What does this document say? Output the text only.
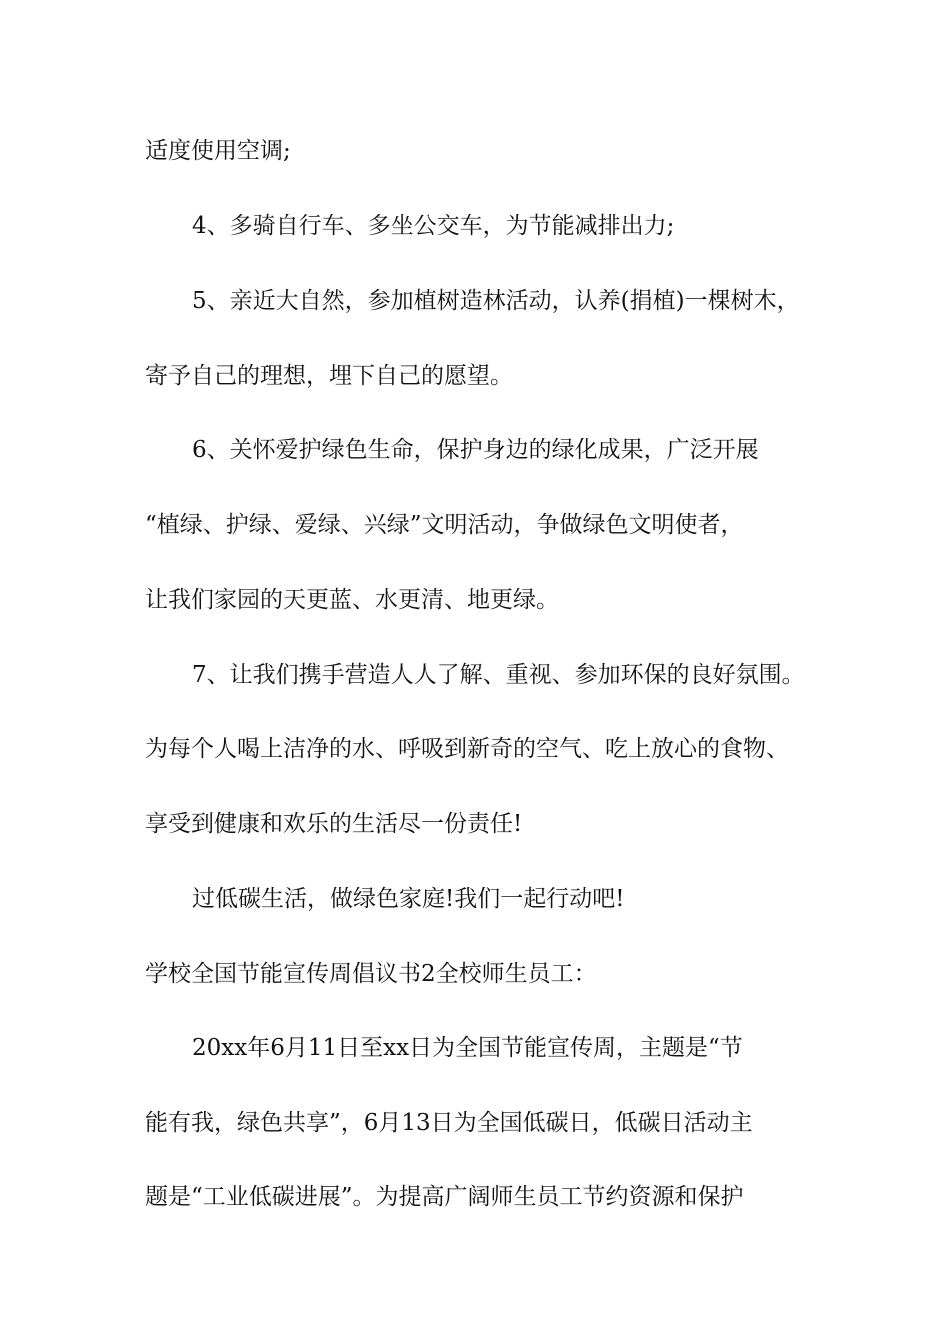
适度使用空调;
4、多骑自行车、多坐公交车，为节能减排出力;
5、亲近大自然，参加植树造林活动，认养(捐植)一棵树木，
寄予自己的理想，埋下自己的愿望。
6、关怀爱护绿色生命，保护身边的绿化成果，广泛开展
“植绿、护绿、爱绿、兴绿”文明活动，争做绿色文明使者，
让我们家园的天更蓝、水更清、地更绿。
7、让我们携手营造人人了解、重视、参加环保的良好氛围。
为每个人喝上洁净的水、呼吸到新奇的空气、吃上放心的食物、
享受到健康和欢乐的生活尽一份责任!
过低碳生活，做绿色家庭!我们一起行动吧!
学校全国节能宣传周倡议书2全校师生员工：
20xx年6月11日至xx日为全国节能宣传周，主题是“节
能有我，绿色共享”，6月13日为全国低碳日，低碳日活动主
题是“工业低碳进展”。为提高广阔师生员工节约资源和保护
